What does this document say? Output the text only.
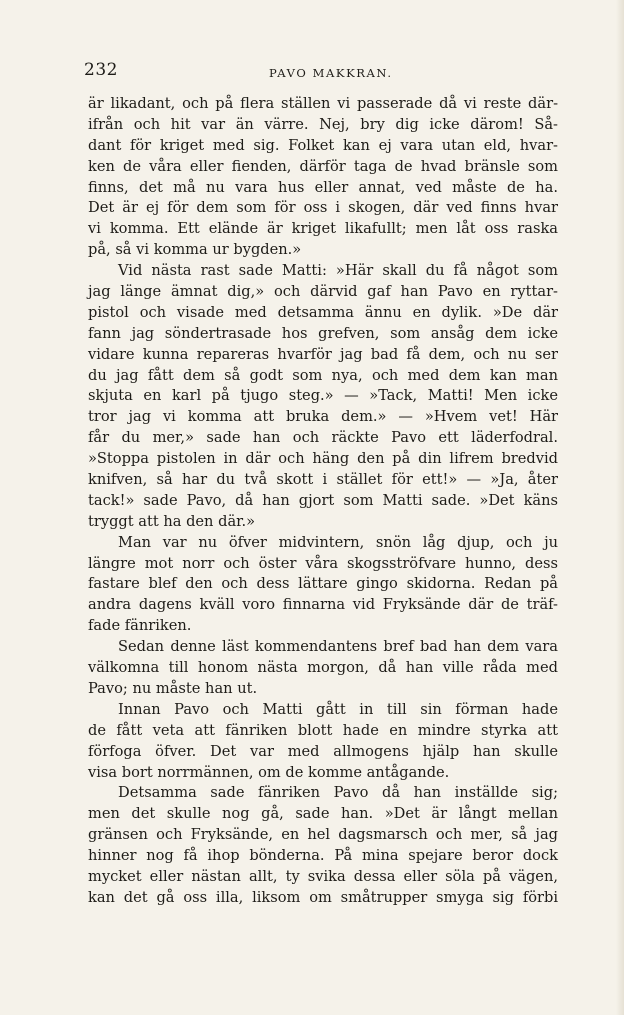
232	PAVO MAKKRAN.
är likadant, och på flera ställen vi passerade då vi reste där-
ifrån och hit var än värre. Nej, bry dig icke därom! Så-
dant för kriget med sig. Folket kan ej vara utan eld, hvar-
ken de våra eller fienden, därför taga de hvad bränsle som
finns, det må nu vara hus eller annat, ved måste de ha.
Det är ej för dem som för oss i skogen, där ved finns hvar
vi komma. Ett elände är kriget likafullt; men låt oss raska
på, så vi komma ur bygden.»
Vid nästa rast sade Matti: »Här skall du få något som
jag länge ämnat dig,» och därvid gaf han Pavo en ryttar-
pistol och visade med detsamma ännu en dylik. »De där
fann jag söndertrasade hos grefven, som ansåg dem icke
vidare kunna repareras hvarför jag bad få dem, och nu ser
du jag fått dem så godt som nya, och med dem kan man
skjuta en karl på tjugo steg.» — »Tack, Matti! Men icke
tror jag vi komma att bruka dem.» — »Hvem vet! Här
får du mer,» sade han och räckte Pavo ett läderfodral.
»Stoppa pistolen in där och häng den på din lifrem bredvid
knifven, så har du två skott i stället för ett!» — »Ja, åter
tack!» sade Pavo, då han gjort som Matti sade. »Det käns
tryggt att ha den där.»
Man var nu öfver midvintern, snön låg djup, och ju
längre mot norr och öster våra skogsströfvare hunno, dess
fastare blef den och dess lättare gingo skidorna. Redan på
andra dagens kväll voro finnarna vid Fryksände där de träf-
fade fänriken.
Sedan denne läst kommendantens bref bad han dem vara
välkomna till honom nästa morgon, då han ville råda med
Pavo; nu måste han ut.
Innan Pavo och Matti gått in till sin förman hade
de fått veta att fänriken blott hade en mindre styrka att
förfoga öfver. Det var med allmogens hjälp han skulle
visa bort norrmännen, om de komme antågande.
Detsamma sade fänriken Pavo då han inställde sig;
men det skulle nog gå, sade han. »Det är långt mellan
gränsen och Fryksände, en hel dagsmarsch och mer, så jag
hinner nog få ihop bönderna. På mina spejare beror dock
mycket eller nästan allt, ty svika dessa eller söla på vägen,
kan det gå oss illa, liksom om småtrupper smyga sig förbi
